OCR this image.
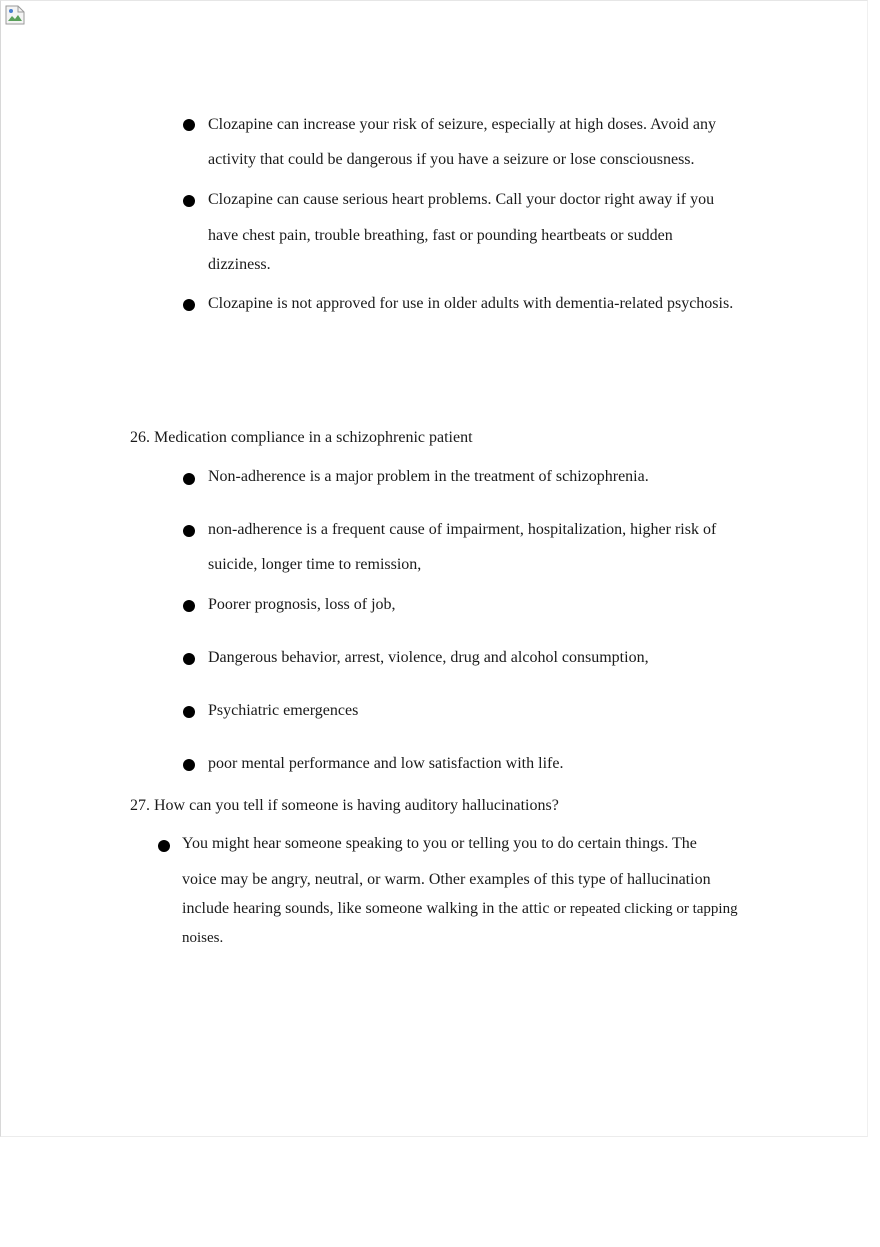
Clozapine can increase your risk of seizure, especially at high doses. Avoid any
activity that could be dangerous if you have a seizure or lose consciousness.
Clozapine can cause serious heart problems. Call your doctor right away if you
have chest pain, trouble breathing, fast or pounding heartbeats or sudden
dizziness.
Clozapine is not approved for use in older adults with dementia-related psychosis.
26. Medication compliance in a schizophrenic patient
Non-adherence is a major problem in the treatment of schizophrenia.
non-adherence is a frequent cause of impairment, hospitalization, higher risk of
suicide, longer time to remission,
Poorer prognosis, loss of job,
Dangerous behavior, arrest, violence, drug and alcohol consumption,
Psychiatric emergences
poor mental performance and low satisfaction with life.
27. How can you tell if someone is having auditory hallucinations?
You might hear someone speaking to you or telling you to do certain things. The
voice may be angry, neutral, or warm. Other examples of this type of hallucination
include hearing sounds, like someone walking in the attic or repeated clicking or tapping
noises.
